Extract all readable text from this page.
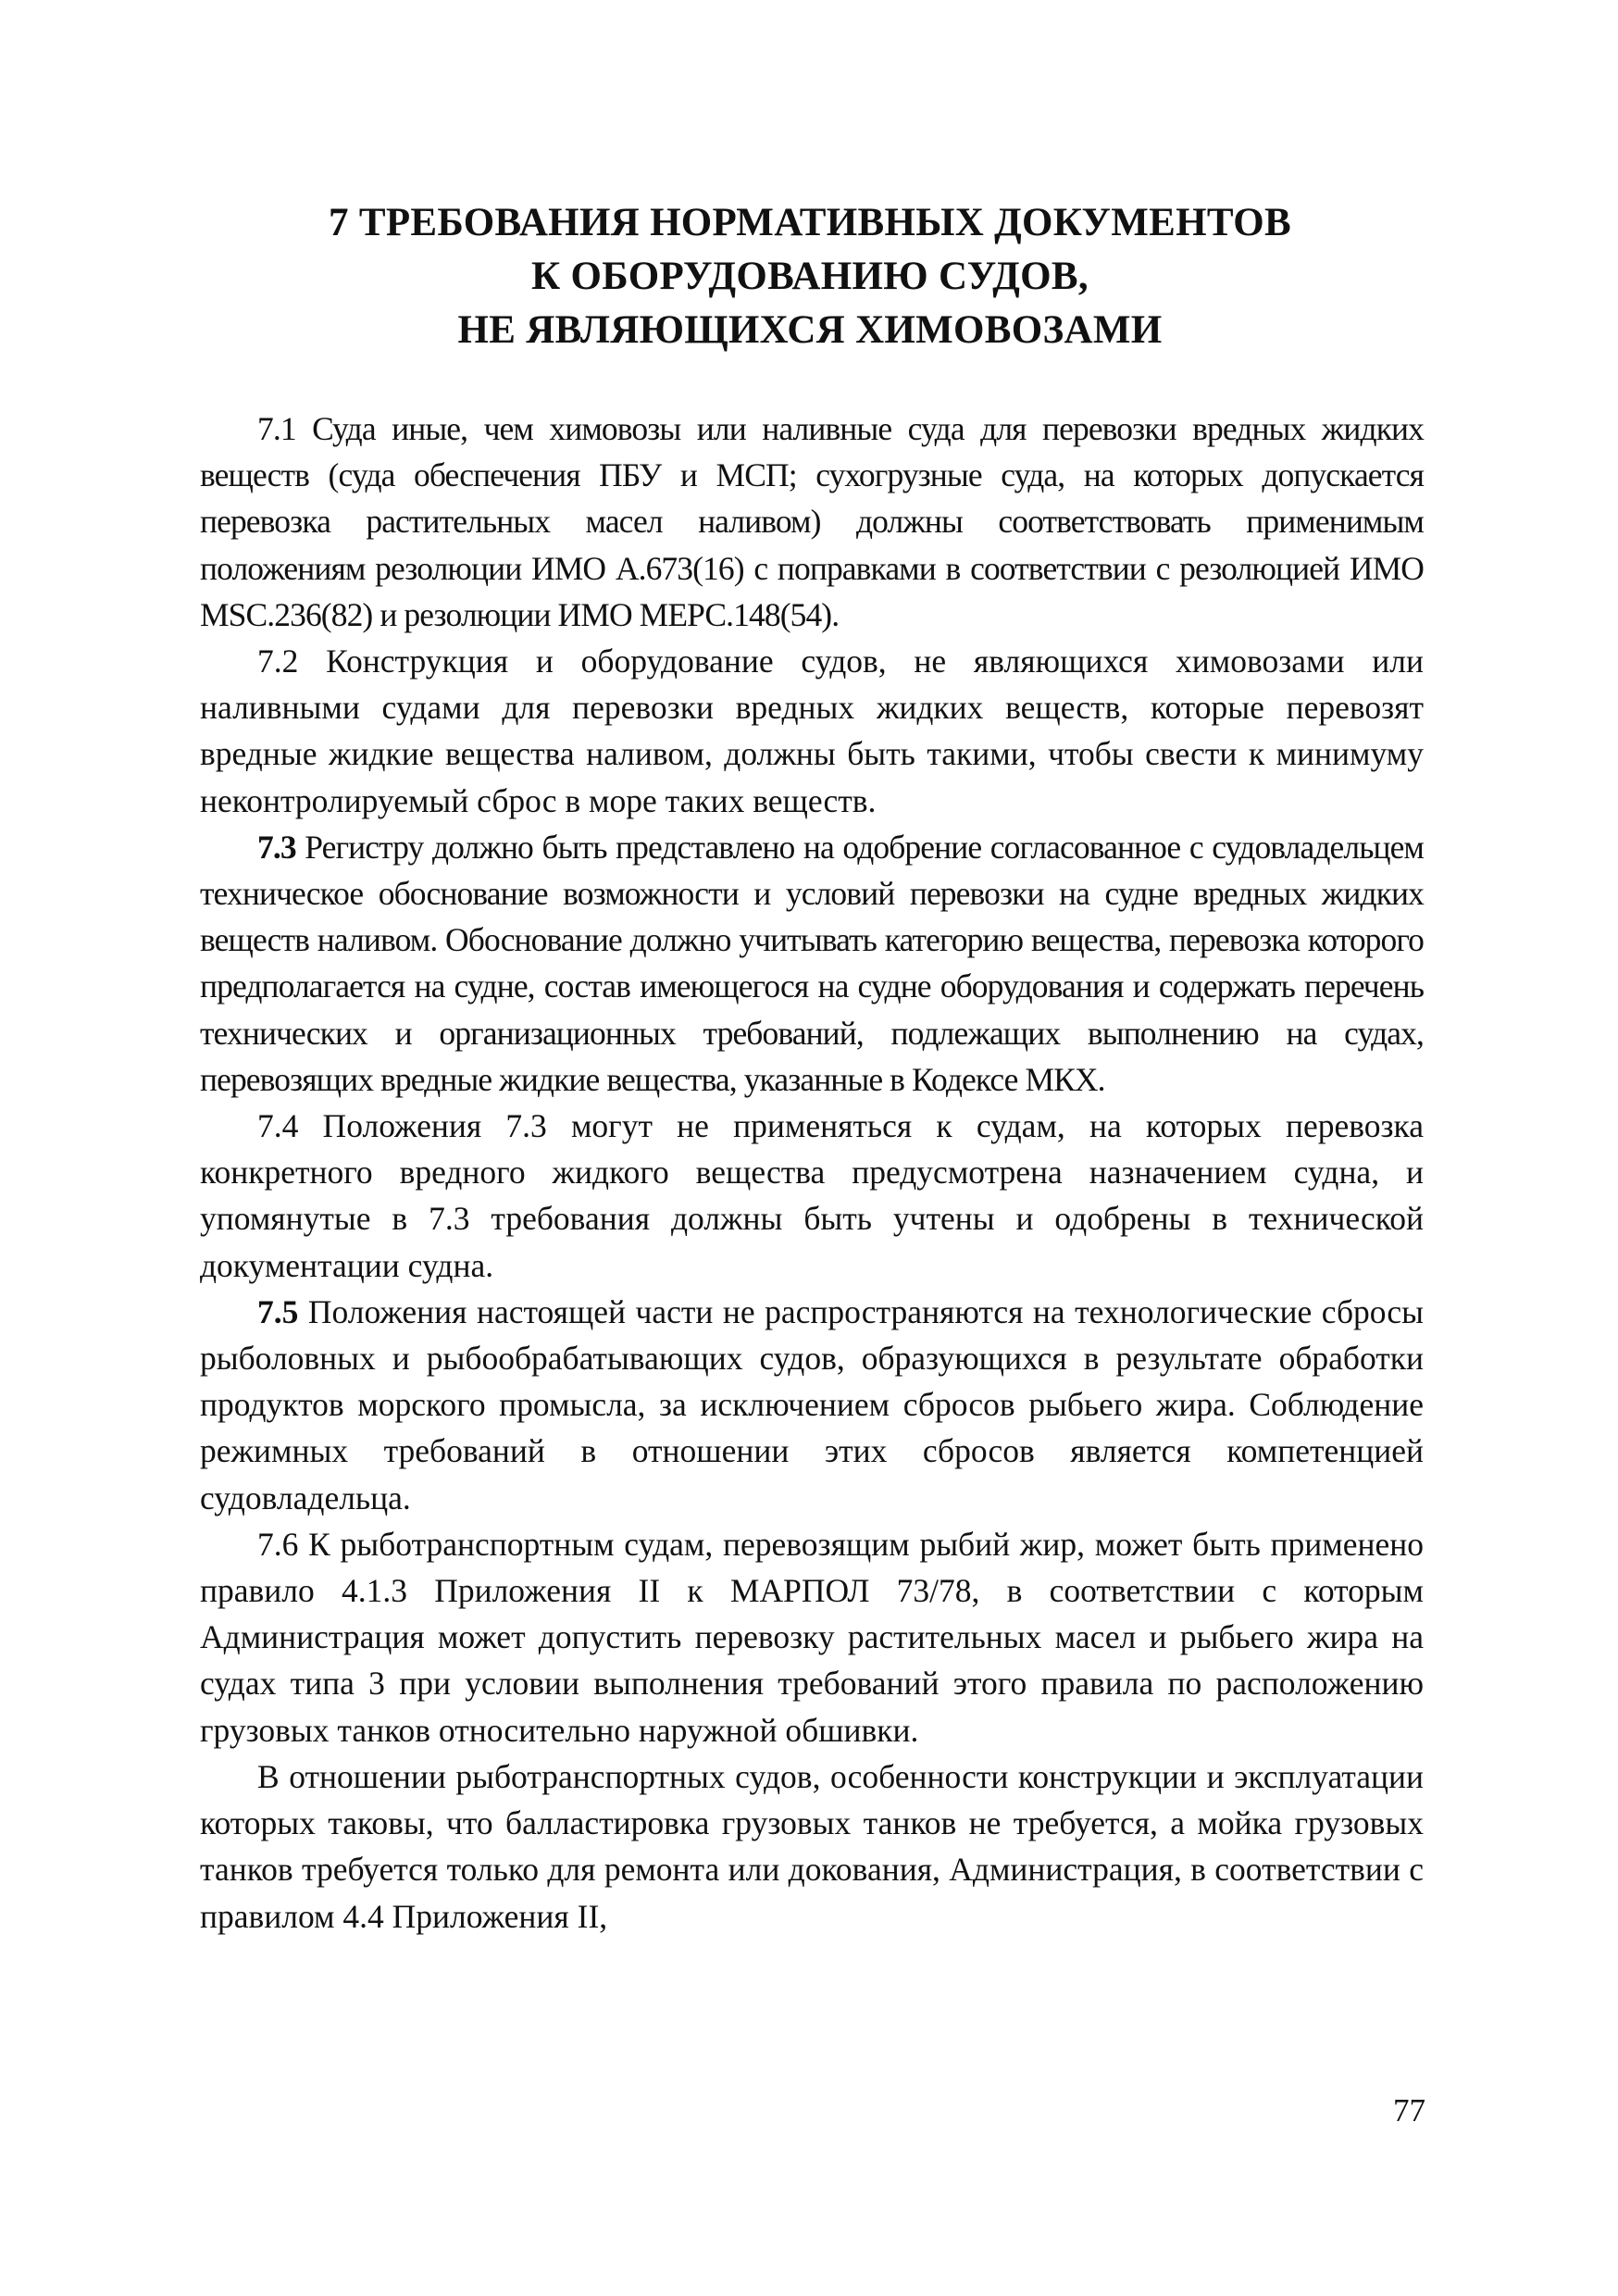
7 ТРЕБОВАНИЯ НОРМАТИВНЫХ ДОКУМЕНТОВ
К ОБОРУДОВАНИЮ СУДОВ,
НЕ ЯВЛЯЮЩИХСЯ ХИМОВОЗАМИ

7.1 Суда иные, чем химовозы или наливные суда для перевозки вредных жидких веществ (суда обеспечения ПБУ и МСП; сухогрузные суда, на которых допускается перевозка растительных масел наливом) должны соответствовать применимым положениям резолюции ИМО А.673(16) с поправками в соответствии с резолюцией ИМО MSC.236(82) и резолюции ИМО МЕРС.148(54).

7.2 Конструкция и оборудование судов, не являющихся химовозами или наливными судами для перевозки вредных жидких веществ, которые перевозят вредные жидкие вещества наливом, должны быть такими, чтобы свести к минимуму неконтролируемый сброс в море таких веществ.

7.3 Регистру должно быть представлено на одобрение согласованное с судовладельцем техническое обоснование возможности и условий перевозки на судне вредных жидких веществ наливом. Обоснование должно учитывать категорию вещества, перевозка которого предполагается на судне, состав имеющегося на судне оборудования и содержать перечень технических и организационных требований, подлежащих выполнению на судах, перевозящих вредные жидкие вещества, указанные в Кодексе МКХ.

7.4 Положения 7.3 могут не применяться к судам, на которых перевозка конкретного вредного жидкого вещества предусмотрена назначением судна, и упомянутые в 7.3 требования должны быть учтены и одобрены в технической документации судна.

7.5 Положения настоящей части не распространяются на технологические сбросы рыболовных и рыбообрабатывающих судов, образующихся в результате обработки продуктов морского промысла, за исключением сбросов рыбьего жира. Соблюдение режимных требований в отношении этих сбросов является компетенцией судовладельца.

7.6 К рыботранспортным судам, перевозящим рыбий жир, может быть применено правило 4.1.3 Приложения II к МАРПОЛ 73/78, в соответствии с которым Администрация может допустить перевозку растительных масел и рыбьего жира на судах типа 3 при условии выполнения требований этого правила по расположению грузовых танков относительно наружной обшивки.

В отношении рыботранспортных судов, особенности конструкции и эксплуатации которых таковы, что балластировка грузовых танков не требуется, а мойка грузовых танков требуется только для ремонта или докования, Администрация, в соответствии с правилом 4.4 Приложения II,

77
